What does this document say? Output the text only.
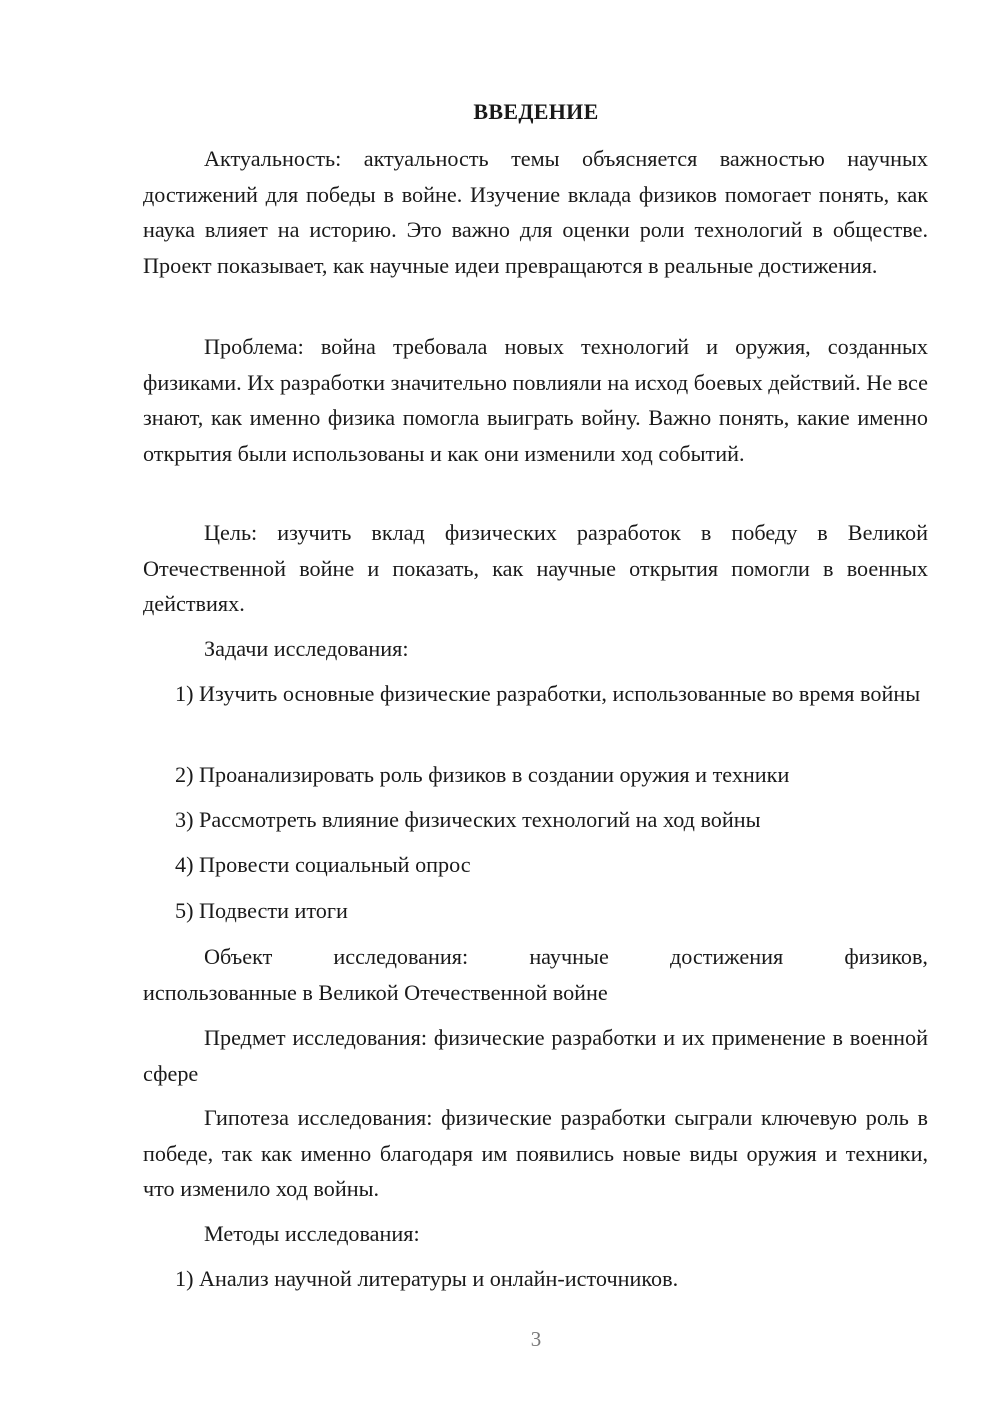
ВВЕДЕНИЕ

Актуальность: актуальность темы объясняется важностью научных достижений для победы в войне. Изучение вклада физиков помогает понять, как наука влияет на историю. Это важно для оценки роли технологий в обществе. Проект показывает, как научные идеи превращаются в реальные достижения.

Проблема: война требовала новых технологий и оружия, созданных физиками. Их разработки значительно повлияли на исход боевых действий. Не все знают, как именно физика помогла выиграть войну. Важно понять, какие именно открытия были использованы и как они изменили ход событий.

Цель: изучить вклад физических разработок в победу в Великой Отечественной войне и показать, как научные открытия помогли в военных действиях.

Задачи исследования:

1) Изучить основные физические разработки, использованные во время войны

2) Проанализировать роль физиков в создании оружия и техники

3) Рассмотреть влияние физических технологий на ход войны

4) Провести социальный опрос

5) Подвести итоги

Объект	исследования:	научные	достижения	физиков,
использованные в Великой Отечественной войне

Предмет исследования: физические разработки и их применение в военной сфере

Гипотеза исследования: физические разработки сыграли ключевую роль в победе, так как именно благодаря им появились новые виды оружия и техники, что изменило ход войны.

Методы исследования:

1) Анализ научной литературы и онлайн-источников.

3
